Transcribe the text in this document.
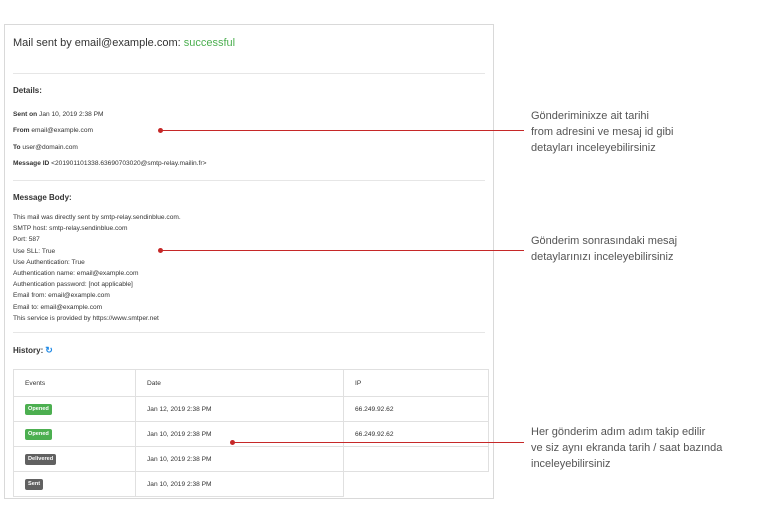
Mail sent by email@example.com: successful
Details:
Sent on Jan 10, 2019 2:38 PM
From email@example.com
To user@domain.com
Message ID <201901101338.63690703020@smtp-relay.mailin.fr>
Message Body:
This mail was directly sent by smtp-relay.sendinblue.com.
SMTP host: smtp-relay.sendinblue.com
Port: 587
Use SLL: True
Use Authentication: True
Authentication name: email@example.com
Authentication password: [not applicable]
Email from: email@example.com
Email to: email@example.com
This service is provided by https://www.smtper.net
History: ↻
Events	Date	IP
Opened	Jan 12, 2019 2:38 PM	66.249.92.62
Opened	Jan 10, 2019 2:38 PM	66.249.92.62
Delivered	Jan 10, 2019 2:38 PM	
Sent	Jan 10, 2019 2:38 PM	
Gönderiminixze ait tarihi
from adresini ve mesaj id gibi
detayları inceleyebilirsiniz
Gönderim sonrasındaki mesaj
detaylarınızı inceleyebilirsiniz
Her gönderim adım adım takip edilir
ve siz aynı ekranda tarih / saat bazında
inceleyebilirsiniz
